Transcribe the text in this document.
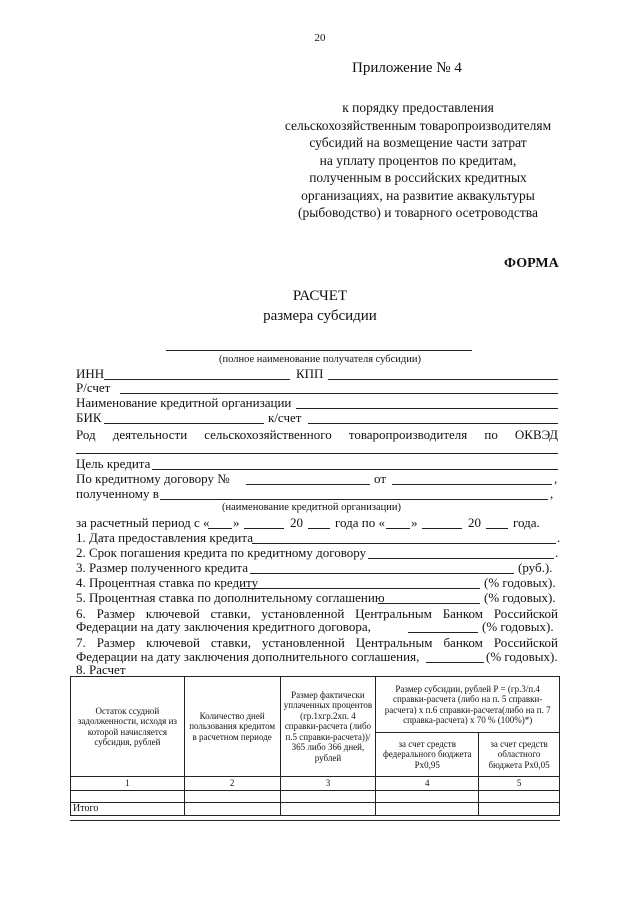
20
Приложение № 4
к порядку предоставления
сельскохозяйственным товаропроизводителям
субсидий на возмещение части затрат
на уплату процентов по кредитам,
полученным в российских кредитных
организациях, на развитие аквакультуры
(рыбоводство) и товарного осетроводства
ФОРМА
РАСЧЕТ
размера субсидии
(полное наименование получателя субсидии)
ИНН	КПП
Р/счет
Наименование кредитной организации
БИК	к/счет
Род деятельности сельскохозяйственного товаропроизводителя по ОКВЭД
Цель кредита
По кредитному договору №	от	,
полученному в	,
(наименование кредитной организации)
за расчетный период с « »	20 года по « »	20 года.
1. Дата предоставления кредита	.
2. Срок погашения кредита по кредитному договору	.
3. Размер полученного кредита	(руб.).
4. Процентная ставка по кредиту	(% годовых).
5. Процентная ставка по дополнительному соглашению	(% годовых).
6. Размер ключевой ставки, установленной Центральным Банком Российской
Федерации на дату заключения кредитного договора,	(% годовых).
7. Размер ключевой ставки, установленной Центральным банком Российской
Федерации на дату заключения дополнительного соглашения,	(% годовых).
8. Расчет
Остаток ссудной задолженности, исходя из которой начисляется субсидия, рублей	Количество дней пользования кредитом в расчетном периоде	Размер фактически уплаченных процентов (гр.1хгр.2хп. 4 справки-расчета (либо п.5 справки-расчета))/ 365 либо 366 дней, рублей	Размер субсидии, рублей Р = (гр.3/п.4 справки-расчета (либо на п. 5 справки-расчета) х п.6 справки-расчета(либо на п. 7 справка-расчета) х 70 % (100%)*)	
			за счет средств федерального бюджета Рх0,95	за счет средств областного бюджета Рх0,05
1	2	3	4	5

Итого				
